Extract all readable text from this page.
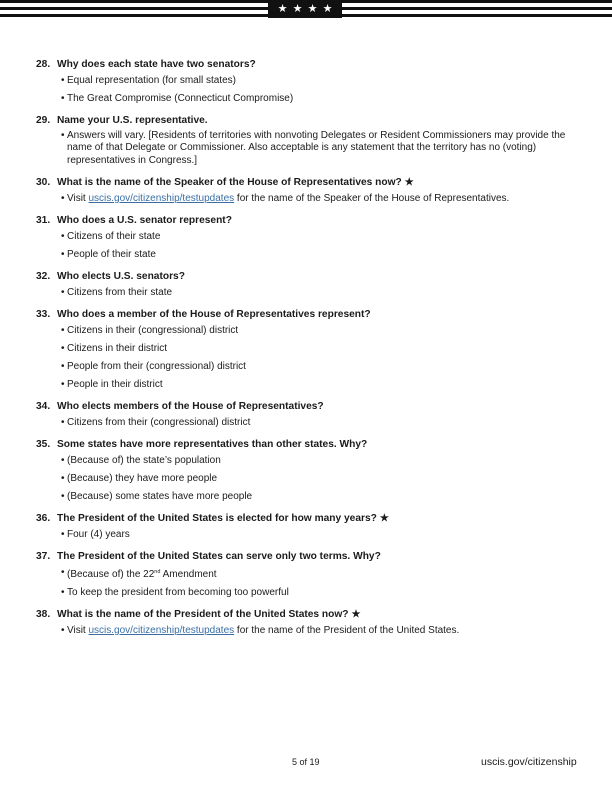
★ ★ ★ ★
28. Why does each state have two senators?
• Equal representation (for small states)
• The Great Compromise (Connecticut Compromise)
29. Name your U.S. representative.
• Answers will vary. [Residents of territories with nonvoting Delegates or Resident Commissioners may provide the name of that Delegate or Commissioner. Also acceptable is any statement that the territory has no (voting) representatives in Congress.]
30. What is the name of the Speaker of the House of Representatives now? ★
• Visit uscis.gov/citizenship/testupdates for the name of the Speaker of the House of Representatives.
31. Who does a U.S. senator represent?
• Citizens of their state
• People of their state
32. Who elects U.S. senators?
• Citizens from their state
33. Who does a member of the House of Representatives represent?
• Citizens in their (congressional) district
• Citizens in their district
• People from their (congressional) district
• People in their district
34. Who elects members of the House of Representatives?
• Citizens from their (congressional) district
35. Some states have more representatives than other states. Why?
• (Because of) the state’s population
• (Because) they have more people
• (Because) some states have more people
36. The President of the United States is elected for how many years? ★
• Four (4) years
37. The President of the United States can serve only two terms. Why?
• (Because of) the 22nd Amendment
• To keep the president from becoming too powerful
38. What is the name of the President of the United States now? ★
• Visit uscis.gov/citizenship/testupdates for the name of the President of the United States.
5 of 19	uscis.gov/citizenship
